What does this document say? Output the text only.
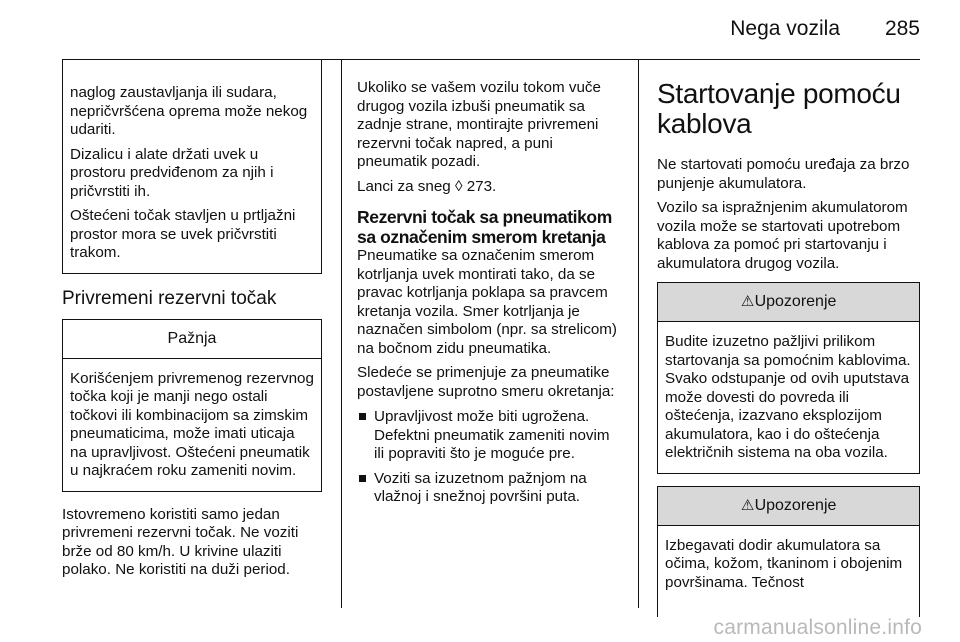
Nega vozila 285

naglog zaustavljanja ili sudara, nepričvršćena oprema može nekog udariti.

Dizalicu i alate držati uvek u prostoru predviđenom za njih i pričvrstiti ih.

Oštećeni točak stavljen u prtljažni prostor mora se uvek pričvrstiti trakom.

Privremeni rezervni točak
Pažnja

Korišćenjem privremenog rezervnog točka koji je manji nego ostali točkovi ili kombinacijom sa zimskim pneumaticima, može imati uticaja na upravljivost. Oštećeni pneumatik u najkraćem roku zameniti novim.

Istovremeno koristiti samo jedan privremeni rezervni točak. Ne voziti brže od 80 km/h. U krivine ulaziti polako. Ne koristiti na duži period.

Ukoliko se vašem vozilu tokom vuče drugog vozila izbuši pneumatik sa zadnje strane, montirajte privremeni rezervni točak napred, a puni pneumatik pozadi.

Lanci za sneg ◊ 273.

Rezervni točak sa pneumatikom sa označenim smerom kretanja

Pneumatike sa označenim smerom kotrljanja uvek montirati tako, da se pravac kotrljanja poklapa sa pravcem kretanja vozila. Smer kotrljanja je naznačen simbolom (npr. sa strelicom) na bočnom zidu pneumatika.

Sledeće se primenjuje za pneumatike postavljene suprotno smeru okretanja:

Upravljivost može biti ugrožena. Defektni pneumatik zameniti novim ili popraviti što je moguće pre.
Voziti sa izuzetnom pažnjom na vlažnoj i snežnoj površini puta.
Startovanje pomoću kablova

Ne startovati pomoću uređaja za brzo punjenje akumulatora.

Vozilo sa ispražnjenim akumulatorom vozila može se startovati upotrebom kablova za pomoć pri startovanju i akumulatora drugog vozila.

⚠Upozorenje

Budite izuzetno pažljivi prilikom startovanja sa pomoćnim kablovima. Svako odstupanje od ovih uputstava može dovesti do povreda ili oštećenja, izazvano eksplozijom akumulatora, kao i do oštećenja električnih sistema na oba vozila.

⚠Upozorenje

Izbegavati dodir akumulatora sa očima, kožom, tkaninom i obojenim površinama. Tečnost

carmanualsonline.info
